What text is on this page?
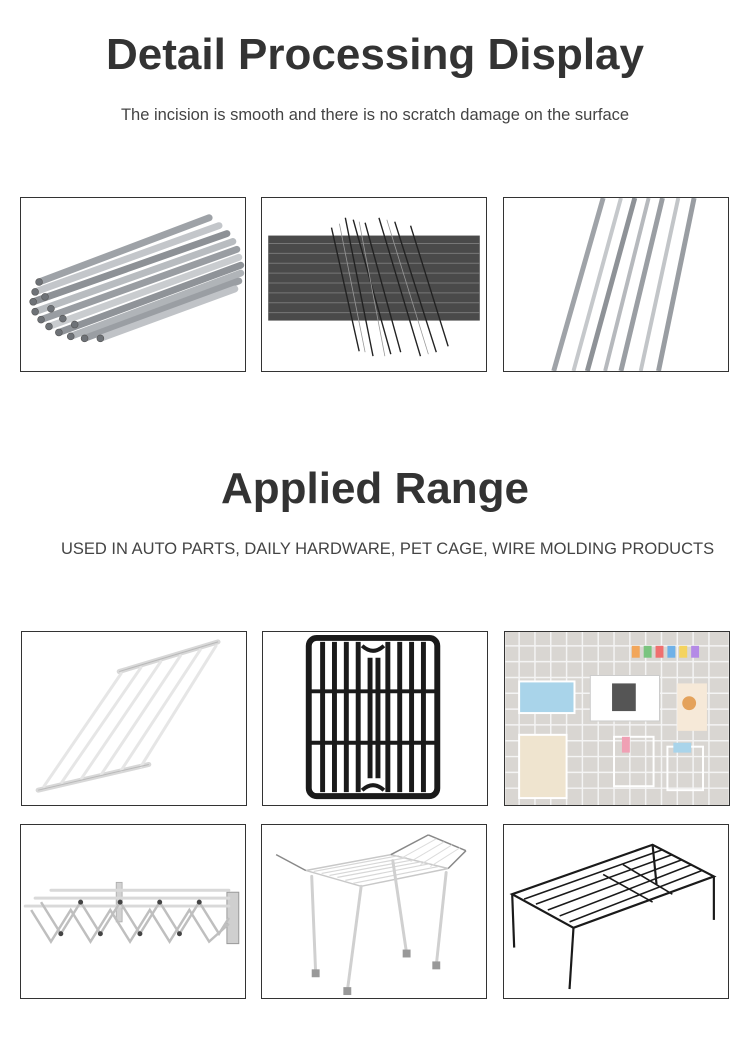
Detail Processing Display
The incision is smooth and there is no scratch damage on the surface
Applied Range
USED IN AUTO PARTS, DAILY HARDWARE, PET CAGE, WIRE MOLDING PRODUCTS
